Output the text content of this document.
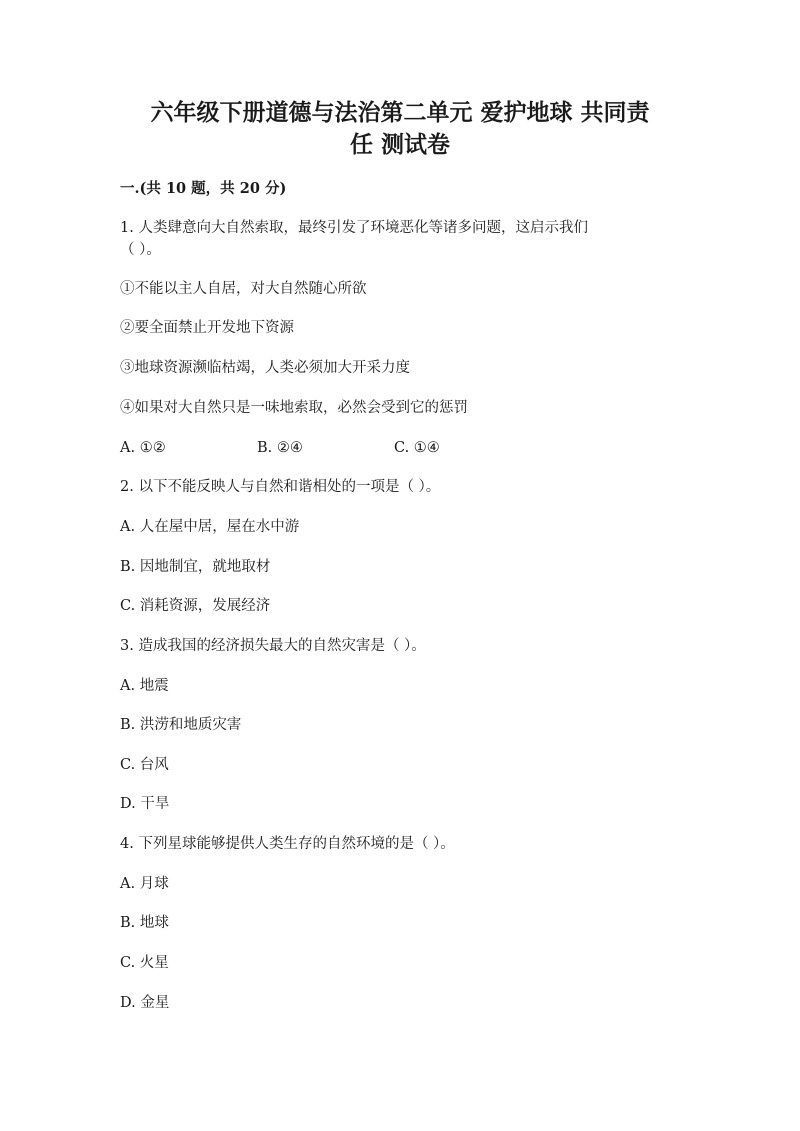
六年级下册道德与法治第二单元 爱护地球 共同责
任 测试卷

一.(共 10 题，共 20 分)

1. 人类肆意向大自然索取，最终引发了环境恶化等诸多问题，这启示我们

（ ）。

①不能以主人自居，对大自然随心所欲

②要全面禁止开发地下资源

③地球资源濒临枯竭，人类必须加大开采力度

④如果对大自然只是一味地索取，必然会受到它的惩罚

A. ①②	B. ②④	C. ①④

2. 以下不能反映人与自然和谐相处的一项是（ ）。

A. 人在屋中居，屋在水中游

B. 因地制宜，就地取材

C. 消耗资源，发展经济

3. 造成我国的经济损失最大的自然灾害是（ ）。

A. 地震

B. 洪涝和地质灾害

C. 台风

D. 干旱

4. 下列星球能够提供人类生存的自然环境的是（ ）。

A. 月球

B. 地球

C. 火星

D. 金星
